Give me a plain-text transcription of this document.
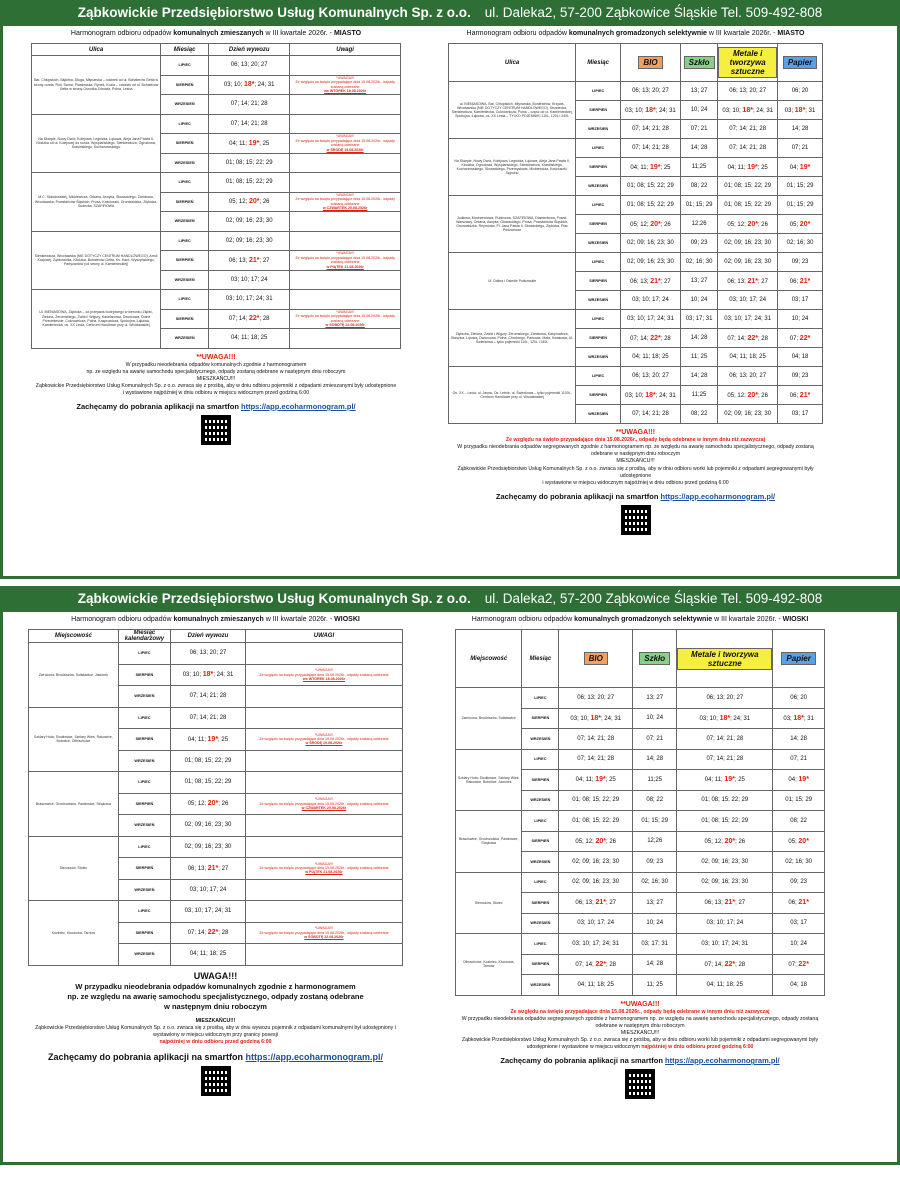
Ząbkowickie Przedsiębiorstwo Usług Komunalnych Sp. z o.o. ul. Daleka2, 57-200 Ząbkowice Śląskie Tel. 509-492-808
Harmonogram odbioru odpadów komunalnych zmieszanych w III kwartale 2026r. - MIASTO
Ulica	Miesiąc	Dzień wywozu	Uwagi
Bat. Chłopskich, Błękitna, Długa, Młynarska – odcinek od ul. Bohaterów Getta w stronę ronda, Roll, Sarna, Piastowska, Rynek, Kozia – odcinek od ul. Bohaterów Getta w stronę Ośrodka Zdrowia, Polna, Leśna	LIPIEC	06; 13; 20; 27	
	SIERPIEŃ	03; 10; 18*; 24; 31	*UWAGA!!!
Ze względu na święto przypadające dnia 15.08.2026r., odpady zostaną odebrane
we WTOREK 18.08.2026r

	WRZESIEŃ	07; 14; 21; 28	
Na Skarpie, Nowy Dwór, Kolejowa, Legnicka, Łąkowa, Aleja Jana Pawła II, Kłodzka od ul. Kolejowej do ronda, Wyspiańskiego, Sienkiewicza, Ogrodowa, Krasińskiego, Kochanowskiego	LIPIEC	07; 14; 21; 28	
	SIERPIEŃ	04; 11; 19*; 25	*UWAGA!!!
Ze względu na święto przypadające dnia 15.08.2026r., odpady zostaną odebrane
w ŚRODĘ 19.08.2026r

	WRZESIEŃ	01; 08; 15; 22; 29	
M.C. Skłodowskiej, Mickiewicza, Orkana, Asnyka, Słowackiego, Zamkowa, Wrocławska, Powstańców Śląskich, Prusa, Kościuszki, Grunwaldzka, Ziębicka, Sudecka, SZAFIROWA	LIPIEC	01; 08; 15; 22; 29	
	SIERPIEŃ	05; 12; 20*; 26	*UWAGA!!!
Ze względu na święto przypadające dnia 15.08.2026r., odpady zostaną odebrane
w CZWARTEK 20.08.2026r

	WRZESIEŃ	02; 09; 16; 23; 30	
Sienkiewicza, Wrocławska (NIE DOTYCZY CENTRUM HANDLOWEGO), Armii Krajowej, Ząbkowicka, Kłodzka, Bohaterów Getta, Ks. Kard. Wyszyńskiego, Partyzantów (od strony ul. Kamienieckiej)	LIPIEC	02; 09; 16; 23; 30	
	SIERPIEŃ	06; 13; 21*; 27	*UWAGA!!!
Ze względu na święto przypadające dnia 15.08.2026r., odpady zostaną odebrane
w PIĄTEK 21.08.2026r

	WRZESIEŃ	03; 10; 17; 24	
Ul. BIENIASOWA, Ziębicka – od przejazdu kolejowego w kierunku Ziębic, Zielona, Żeromskiego, Żwirki i Wigury, Kasztanowa, Dworcowa, Dolne Przedmieście, Cukrownicza, Polna, Kasprowicza, Spokojna, Łąkowa, Kamieniecka, os. XX Lecia, Centrum Handlowe przy ul. Wrocławskiej	LIPIEC	03; 10; 17; 24; 31	
	SIERPIEŃ	07; 14; 22*; 28	*UWAGA!!!
Ze względu na święto przypadające dnia 15.08.2026r., odpady zostaną odebrane
w SOBOTĘ 22.08.2026r

	WRZESIEŃ	04; 11; 18; 25	
**UWAGA!!!
W przypadku nieodebrania odpadów komunalnych zgodnie z harmonogramem
np. ze względu na awarię samochodu specjalistycznego, odpady zostaną odebrane w następnym dniu roboczym
MIESZKAŃCU!!!
Ząbkowickie Przedsiębiorstwo Usług Komunalnych Sp. z o.o. zwraca się z prośbą, aby w dniu odbioru pojemniki z odpadami zmieszanymi były udostępnione
i wystawione najpóźniej w dniu odbioru w miejscu widocznym przed godziną 6:00
Zachęcamy do pobrania aplikacji na smartfon https://app.ecoharmonogram.pl/
Harmonogram odbioru odpadów komunalnych gromadzonych selektywnie w III kwartale 2026r. - MIASTO
Ulica	Miesiąc	BIO	Szkło	Metale i tworzywa sztuczne	Papier
ul. BIENIASOWA, Bat. Chłopskich, Młynarska, Bonifratrów, Krzywa, Wrocławska (NIE DOTYCZY CENTRUM HANDLOWEGO), Strzelecka, Sienkiewicza, Kamieniecka, Cukrownicza, Polna – część od ul. Kamienieckiej, Spokojna, Łąkowa, os. XX Lecia – TYLKO POJEMNIKI 110L, 120L i 240L	LIPIEC	06; 13; 20; 27	13; 27	06; 13; 20; 27	06; 20
	SIERPIEŃ	03; 10; 18*; 24; 31	10; 24	03; 10; 18*; 24; 31	03; 18*; 31
	WRZESIEŃ	07; 14; 21; 28	07; 21	07; 14; 21; 28	14; 28
Na Skarpie, Nowy Dwór, Kolejowa, Legnicka, Łąkowa, Aleja Jana Pawła II, Kłodzka, Ogrodowa, Wyspiańskiego, Sienkiewicza, Krasińskiego, Kochanowskiego, Słowackiego, Przemysłowa, Mickiewicza, Kościuszki, Sępolno	LIPIEC	07; 14; 21; 28	14; 28	07; 14; 21; 28	07; 21
	SIERPIEŃ	04; 11; 19*; 25	11;25	04; 11; 19*; 25	04; 19*
	WRZESIEŃ	01; 08; 15; 22; 29	08; 22	01; 08; 15; 22; 29	01; 15; 29
Jodłowa, Modrzewiowa, Rubinowa, SZAFIROWA, Diamentowa, Powst. Warszawy, Orkana, Asnyka, Głowackiego, Prusa, Powstańców Śląskich, Grunwaldzka, Reymonta, Pl. Jana Pawła II, Słowackiego, Ziębicka, Plac Podzamcze	LIPIEC	01; 08; 15; 22; 29	01; 15; 29	01; 08; 15; 22; 29	01; 15; 29
	SIERPIEŃ	05; 12; 20*; 26	12;26	05; 12; 20*; 26	05; 20*
	WRZESIEŃ	02; 09; 16; 23; 30	09; 23	02; 09; 16; 23; 30	02; 16; 30
Ul. Dolina i Osiedle Pułkowskie	LIPIEC	02; 09; 16; 23; 30	02; 16; 30	02; 09; 16; 23; 30	09; 23
	SIERPIEŃ	06; 13; 21*; 27	13; 27	06; 13; 21*; 27	06; 21*
	WRZESIEŃ	03; 10; 17; 24	10; 24	03; 10; 17; 24	03; 17
Ziębicka, Zielona, Żwirki i Wigury, Żeromskiego, Zamkowa, Kasprowicza, Staszica, Lipowa, Dworcowa, Polna, Chrobrego, Parkowa, Mała, Kwiatowa, Ul. Świerkowa – tylko pojemniki 110L, 120L i 240L	LIPIEC	03; 10; 17; 24; 31	03; 17; 31	03; 10; 17; 24; 31	10; 24
	SIERPIEŃ	07; 14; 22*; 28	14; 28	07; 14; 22*; 28	07; 22*
	WRZESIEŃ	04; 11; 18; 25	11; 25	04; 11; 18; 25	04; 18
Os. XX – Lecia, ul. Jasna, Os. Letnie, ul. Świerkowa – tylko pojemniki 1100L, Centrum Handlowe przy ul. Wrocławskiej	LIPIEC	06; 13; 20; 27	14; 28	06; 13; 20; 27	09; 23
	SIERPIEŃ	03; 10; 18*; 24; 31	11;25	05; 12; 20*; 26	06; 21*
	WRZESIEŃ	07; 14; 21; 28	08; 22	02; 09; 16; 23; 30	03; 17
**UWAGA!!!
Ze względu na święto przypadające dnia 15.08.2026r., odpady będą odebrane w innym dniu niż zazwyczaj
W przypadku nieodebrania odpadów segregowanych zgodnie z harmonogramem np. ze względu na awarię samochodu specjalistycznego, odpady zostaną odebrane w następnym dniu roboczym
MIESZKAŃCU!!!
Ząbkowickie Przedsiębiorstwo Usług Komunalnych Sp. z o.o. zwraca się z prośbą, aby w dniu odbioru worki lub pojemniki z odpadami segregowanymi były udostępnione
i wystawione w miejscu widocznym najpóźniej w dniu odbioru przed godziną 6:00
Zachęcamy do pobrania aplikacji na smartfon https://app.ecoharmonogram.pl/
Ząbkowickie Przedsiębiorstwo Usług Komunalnych Sp. z o.o. ul. Daleka2, 57-200 Ząbkowice Śląskie Tel. 509-492-808
Harmonogram odbioru odpadów komunalnych zmieszanych w III kwartale 2026r. - WIOSKI
Miejscowość	Miesiąc kalendarzowy	Dzień wywozu	UWAGI
Zwrócona, Brodziszów, Sulisławice, Jaworek	LIPIEC	06; 13; 20; 27	
	SIERPIEŃ	03; 10; 18*; 24; 31	*UWAGA!!!
Ze względu na święto przypadające dnia 15.08.2026r., odpady zostaną odebrane
we WTOREK 18.08.2026r

	WRZESIEŃ	07; 14; 21; 28	
Szklary Huta, Siodłowice, Szklary Wieś, Rakowice, Bobolice, Olbrachcice	LIPIEC	07; 14; 21; 28	
	SIERPIEŃ	04; 11; 19*; 25	*UWAGA!!!
Ze względu na święto przypadające dnia 15.08.2026r., odpady zostaną odebrane
w ŚRODĘ 19.08.2026r

	WRZESIEŃ	01; 08; 15; 22; 29	
Braszowice, Grochowiska, Pawłowice, Strąkowa	LIPIEC	01; 08; 15; 22; 29	
	SIERPIEŃ	05; 12; 20*; 26	*UWAGA!!!
Ze względu na święto przypadające dnia 15.08.2026r., odpady zostaną odebrane
w CZWARTEK 20.08.2026r

	WRZESIEŃ	02; 09; 16; 23; 30	
Sieroszów, Stolec	LIPIEC	02; 09; 16; 23; 30	
	SIERPIEŃ	06; 13; 21*; 27	*UWAGA!!!
Ze względu na święto przypadające dnia 15.08.2026r., odpady zostaną odebrane
w PIĄTEK 21.08.2026r

	WRZESIEŃ	03; 10; 17; 24	
Koziniec, Kluczowa, Tarnów	LIPIEC	03; 10; 17; 24; 31	
	SIERPIEŃ	07; 14; 22*; 28	*UWAGA!!!
Ze względu na święto przypadające dnia 15.08.2026r., odpady zostaną odebrane
w SOBOTĘ 22.08.2026r

	WRZESIEŃ	04; 11; 18; 25	
UWAGA!!!
W przypadku nieodebrania odpadów komunalnych zgodnie z harmonogramem
np. ze względu na awarię samochodu specjalistycznego, odpady zostaną odebrane
w następnym dniu roboczym
MIESZKAŃCU!!!
Ząbkowickie Przedsiębiorstwo Usług Komunalnych Sp. z o.o. zwraca się z prośbą, aby w dniu wywozu pojemnik z odpadami komunalnymi był udostępniony i wystawiony w miejscu widocznym przy granicy posesji
najpóźniej w dniu odbioru przed godziną 6:00
Zachęcamy do pobrania aplikacji na smartfon https://app.ecoharmonogram.pl/
Harmonogram odbioru odpadów komunalnych gromadzonych selektywnie w III kwartale 2026r. - WIOSKI
Miejscowość	Miesiąc	BIO	Szkło	Metale i tworzywa sztuczne	Papier
Zwrócona, Brodziszów, Sulisławice	LIPIEC	06; 13; 20; 27	13; 27	06; 13; 20; 27	06; 20
	SIERPIEŃ	03; 10; 18*; 24; 31	10; 24	03; 10; 18*; 24; 31	03; 18*; 31
	WRZESIEŃ	07; 14; 21; 28	07; 21	07; 14; 21; 28	14; 28
Szklary Huta; Siodłowice, Szklary Wieś, Rakowice, Bobolice, Jaworek	LIPIEC	07; 14; 21; 28	14; 28	07; 14; 21; 28	07; 21
	SIERPIEŃ	04; 11; 19*; 25	11;25	04; 11; 19*; 25	04; 19*
	WRZESIEŃ	01; 08; 15; 22; 29	08; 22	01; 08; 15; 22; 29	01; 15; 29
Braszowice, Grochowiska, Pawłowice, Strąkowa	LIPIEC	01; 08; 15; 22; 29	01; 15; 29	01; 08; 15; 22; 29	08; 22
	SIERPIEŃ	05; 12; 20*; 26	12;26	05; 12; 20*; 26	05; 20*
	WRZESIEŃ	02; 09; 16; 23; 30	09; 23	02; 09; 16; 23; 30	02; 16; 30
Sieroszów, Stolec	LIPIEC	02; 09; 16; 23; 30	02; 16; 30	02; 09; 16; 23; 30	09; 23
	SIERPIEŃ	06; 13; 21*; 27	13; 27	06; 13; 21*; 27	06; 21*
	WRZESIEŃ	03; 10; 17; 24	10; 24	03; 10; 17; 24	03; 17
Olbrachcice, Koziniec, Kluczowa, Tarnów	LIPIEC	03; 10; 17; 24; 31	03; 17; 31	03; 10; 17; 24; 31	10; 24
	SIERPIEŃ	07; 14; 22*; 28	14; 28	07; 14; 22*; 28	07; 22*
	WRZESIEŃ	04; 11; 18; 25	11; 25	04; 11; 18; 25	04; 18
**UWAGA!!!
Ze względu na święto przypadające dnia 15.08.2026r., odpady będą odebrane w innym dniu niż zazwyczaj
W przypadku nieodebrania odpadów segregowanych zgodnie z harmonogramem np. ze względu na awarię samochodu specjalistycznego, odpady zostaną odebrane w następnym dniu roboczym
MIESZKAŃCU!!!
Ząbkowickie Przedsiębiorstwo Usług Komunalnych Sp. z o.o. zwraca się z prośbą, aby w dniu odbioru worki lub pojemniki z odpadami segregowanymi były udostępnione i wystawione w miejscu widocznym najpóźniej w dniu odbioru przed godziną 6:00
Zachęcamy do pobrania aplikacji na smartfon https://app.ecoharmonogram.pl/
